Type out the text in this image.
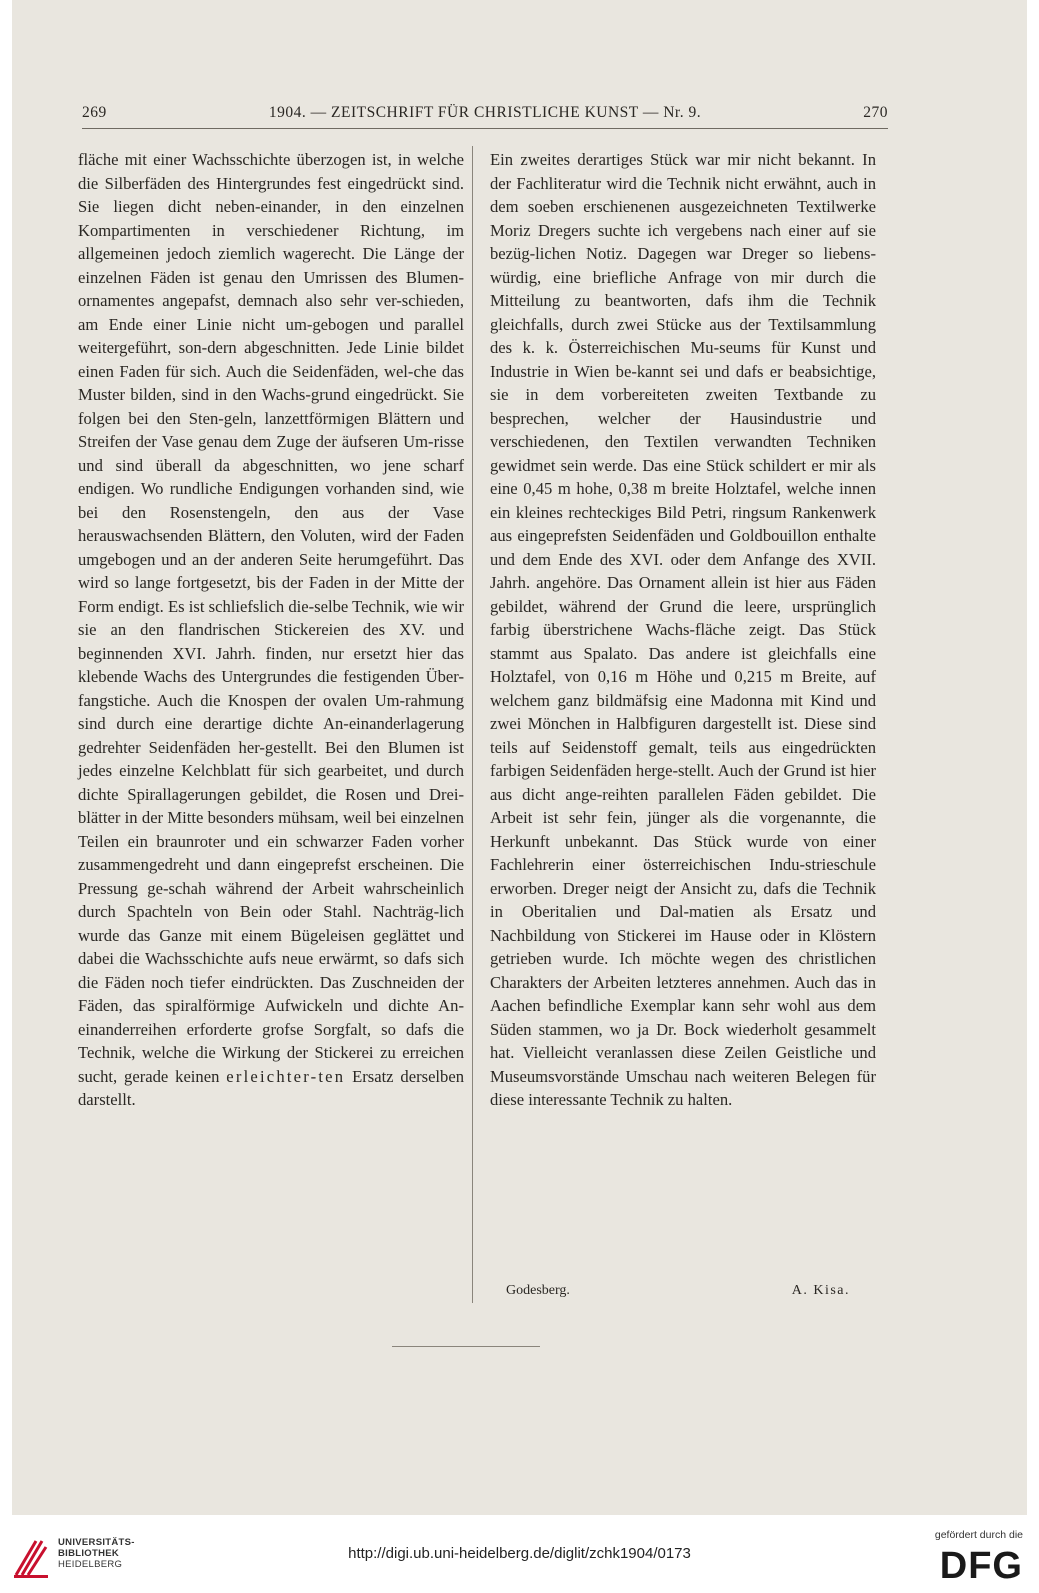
269	1904. — ZEITSCHRIFT FÜR CHRISTLICHE KUNST — Nr. 9.	270

fläche mit einer Wachsschichte überzogen ist, in welche die Silberfäden des Hintergrundes fest eingedrückt sind. Sie liegen dicht neben-einander, in den einzelnen Kompartimenten in verschiedener Richtung, im allgemeinen jedoch ziemlich wagerecht. Die Länge der einzelnen Fäden ist genau den Umrissen des Blumen-ornamentes angepafst, demnach also sehr ver-schieden, am Ende einer Linie nicht um-gebogen und parallel weitergeführt, son-dern abgeschnitten. Jede Linie bildet einen Faden für sich. Auch die Seidenfäden, wel-che das Muster bilden, sind in den Wachs-grund eingedrückt. Sie folgen bei den Sten-geln, lanzettförmigen Blättern und Streifen der Vase genau dem Zuge der äufseren Um-risse und sind überall da abgeschnitten, wo jene scharf endigen. Wo rundliche Endigungen vorhanden sind, wie bei den Rosenstengeln, den aus der Vase herauswachsenden Blättern, den Voluten, wird der Faden umgebogen und an der anderen Seite herumgeführt. Das wird so lange fortgesetzt, bis der Faden in der Mitte der Form endigt. Es ist schliefslich die-selbe Technik, wie wir sie an den flandrischen Stickereien des XV. und beginnenden XVI. Jahrh. finden, nur ersetzt hier das klebende Wachs des Untergrundes die festigenden Über-fangstiche. Auch die Knospen der ovalen Um-rahmung sind durch eine derartige dichte An-einanderlagerung gedrehter Seidenfäden her-gestellt. Bei den Blumen ist jedes einzelne Kelchblatt für sich gearbeitet, und durch dichte Spirallagerungen gebildet, die Rosen und Drei-blätter in der Mitte besonders mühsam, weil bei einzelnen Teilen ein braunroter und ein schwarzer Faden vorher zusammengedreht und dann eingeprefst erscheinen. Die Pressung ge-schah während der Arbeit wahrscheinlich durch Spachteln von Bein oder Stahl. Nachträg-lich wurde das Ganze mit einem Bügeleisen geglättet und dabei die Wachsschichte aufs neue erwärmt, so dafs sich die Fäden noch tiefer eindrückten. Das Zuschneiden der Fäden, das spiralförmige Aufwickeln und dichte An-einanderreihen erforderte grofse Sorgfalt, so dafs die Technik, welche die Wirkung der Stickerei zu erreichen sucht, gerade keinen erleichter-ten Ersatz derselben darstellt.

Ein zweites derartiges Stück war mir nicht bekannt. In der Fachliteratur wird die Technik nicht erwähnt, auch in dem soeben erschienenen ausgezeichneten Textilwerke Moriz Dregers suchte ich vergebens nach einer auf sie bezüg-lichen Notiz. Dagegen war Dreger so liebens-würdig, eine briefliche Anfrage von mir durch die Mitteilung zu beantworten, dafs ihm die Technik gleichfalls, durch zwei Stücke aus der Textilsammlung des k. k. Österreichischen Mu-seums für Kunst und Industrie in Wien be-kannt sei und dafs er beabsichtige, sie in dem vorbereiteten zweiten Textbande zu besprechen, welcher der Hausindustrie und verschiedenen, den Textilen verwandten Techniken gewidmet sein werde. Das eine Stück schildert er mir als eine 0,45 m hohe, 0,38 m breite Holztafel, welche innen ein kleines rechteckiges Bild Petri, ringsum Rankenwerk aus eingeprefsten Seidenfäden und Goldbouillon enthalte und dem Ende des XVI. oder dem Anfange des XVII. Jahrh. angehöre. Das Ornament allein ist hier aus Fäden gebildet, während der Grund die leere, ursprünglich farbig überstrichene Wachs-fläche zeigt. Das Stück stammt aus Spalato. Das andere ist gleichfalls eine Holztafel, von 0,16 m Höhe und 0,215 m Breite, auf welchem ganz bildmäfsig eine Madonna mit Kind und zwei Mönchen in Halbfiguren dargestellt ist. Diese sind teils auf Seidenstoff gemalt, teils aus eingedrückten farbigen Seidenfäden herge-stellt. Auch der Grund ist hier aus dicht ange-reihten parallelen Fäden gebildet. Die Arbeit ist sehr fein, jünger als die vorgenannte, die Herkunft unbekannt. Das Stück wurde von einer Fachlehrerin einer österreichischen Indu-strieschule erworben. Dreger neigt der Ansicht zu, dafs die Technik in Oberitalien und Dal-matien als Ersatz und Nachbildung von Stickerei im Hause oder in Klöstern getrieben wurde. Ich möchte wegen des christlichen Charakters der Arbeiten letzteres annehmen. Auch das in Aachen befindliche Exemplar kann sehr wohl aus dem Süden stammen, wo ja Dr. Bock wiederholt gesammelt hat. Vielleicht veranlassen diese Zeilen Geistliche und Museumsvorstände Umschau nach weiteren Belegen für diese interessante Technik zu halten.

Godesberg.	A. Kisa.
UNIVERSITÄTS-
BIBLIOTHEK
HEIDELBERG
http://digi.ub.uni-heidelberg.de/diglit/zchk1904/0173
gefördert durch die
DFG
